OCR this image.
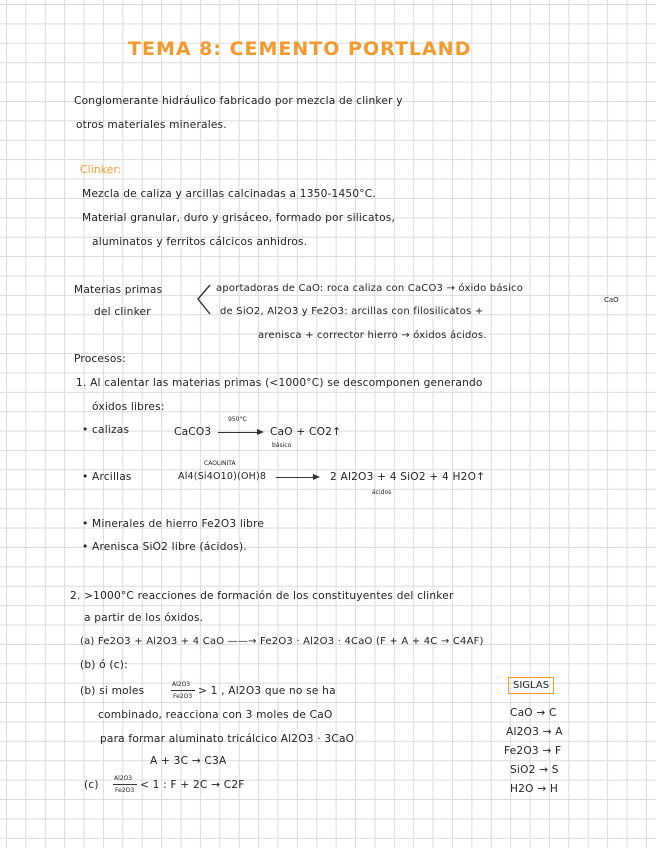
TEMA 8: CEMENTO PORTLAND
Conglomerante hidráulico fabricado por mezcla de clinker y
otros materiales minerales.
Clinker:
Mezcla de caliza y arcillas calcinadas a 1350-1450°C.
Material granular, duro y grisáceo, formado por silicatos,
aluminatos y ferritos cálcicos anhidros.
Materias primas
del clinker
aportadoras de CaO: roca caliza con CaCO3 → óxido básico
CaO
de SiO2, Al2O3 y Fe2O3: arcillas con filosilicatos +
arenisca + corrector hierro → óxidos ácidos.
Procesos:
1. Al calentar las materias primas (<1000°C) se descomponen generando
óxidos libres:
• calizas	CaCO3
950°C
CaO + CO2↑
básico
• Arcillas
CAOLINITA
Al4(Si4O10)(OH)8	2 Al2O3 + 4 SiO2 + 4 H2O↑
ácidos
• Minerales de hierro Fe2O3 libre
• Arenisca SiO2 libre (ácidos).
2. >1000°C reacciones de formación de los constituyentes del clinker
a partir de los óxidos.
(a) Fe2O3 + Al2O3 + 4 CaO ——→ Fe2O3 · Al2O3 · 4CaO (F + A + 4C → C4AF)
(b) ó (c):
(b) si moles
Al2O3
Fe2O3 > 1 , Al2O3 que no se ha
combinado, reacciona con 3 moles de CaO
para formar aluminato tricálcico Al2O3 · 3CaO
A + 3C → C3A
(c)
Al2O3
Fe2O3 < 1 : F + 2C → C2F
SIGLAS
CaO → C
Al2O3 → A
Fe2O3 → F
SiO2 → S
H2O → H
